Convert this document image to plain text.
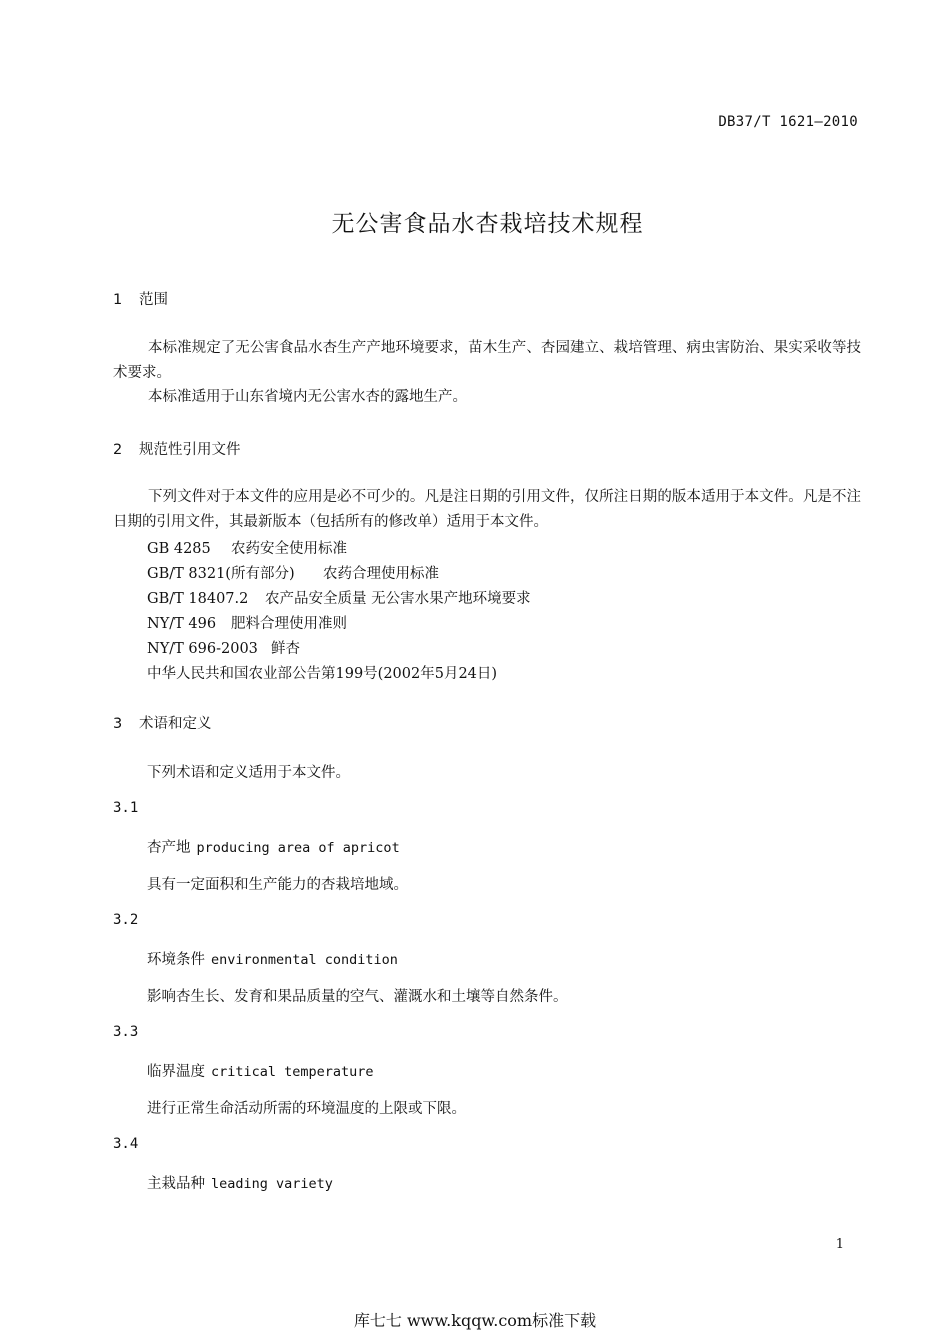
DB37/T 1621—2010
无公害食品水杏栽培技术规程
1 范围

本标准规定了无公害食品水杏生产产地环境要求，苗木生产、杏园建立、栽培管理、病虫害防治、果实采收等技术要求。

本标准适用于山东省境内无公害水杏的露地生产。

2 规范性引用文件

下列文件对于本文件的应用是必不可少的。凡是注日期的引用文件，仅所注日期的版本适用于本文件。凡是不注日期的引用文件，其最新版本（包括所有的修改单）适用于本文件。

GB 4285 农药安全使用标准
GB/T 8321(所有部分) 农药合理使用标准
GB/T 18407.2 农产品安全质量 无公害水果产地环境要求
NY/T 496 肥料合理使用准则
NY/T 696-2003 鲜杏
中华人民共和国农业部公告第199号(2002年5月24日)
3 术语和定义
下列术语和定义适用于本文件。
3.1
杏产地 producing area of apricot
具有一定面积和生产能力的杏栽培地域。
3.2
环境条件 environmental condition
影响杏生长、发育和果品质量的空气、灌溉水和土壤等自然条件。
3.3
临界温度 critical temperature
进行正常生命活动所需的环境温度的上限或下限。
3.4
主栽品种 leading variety
1
库七七 www.kqqw.com标准下载
